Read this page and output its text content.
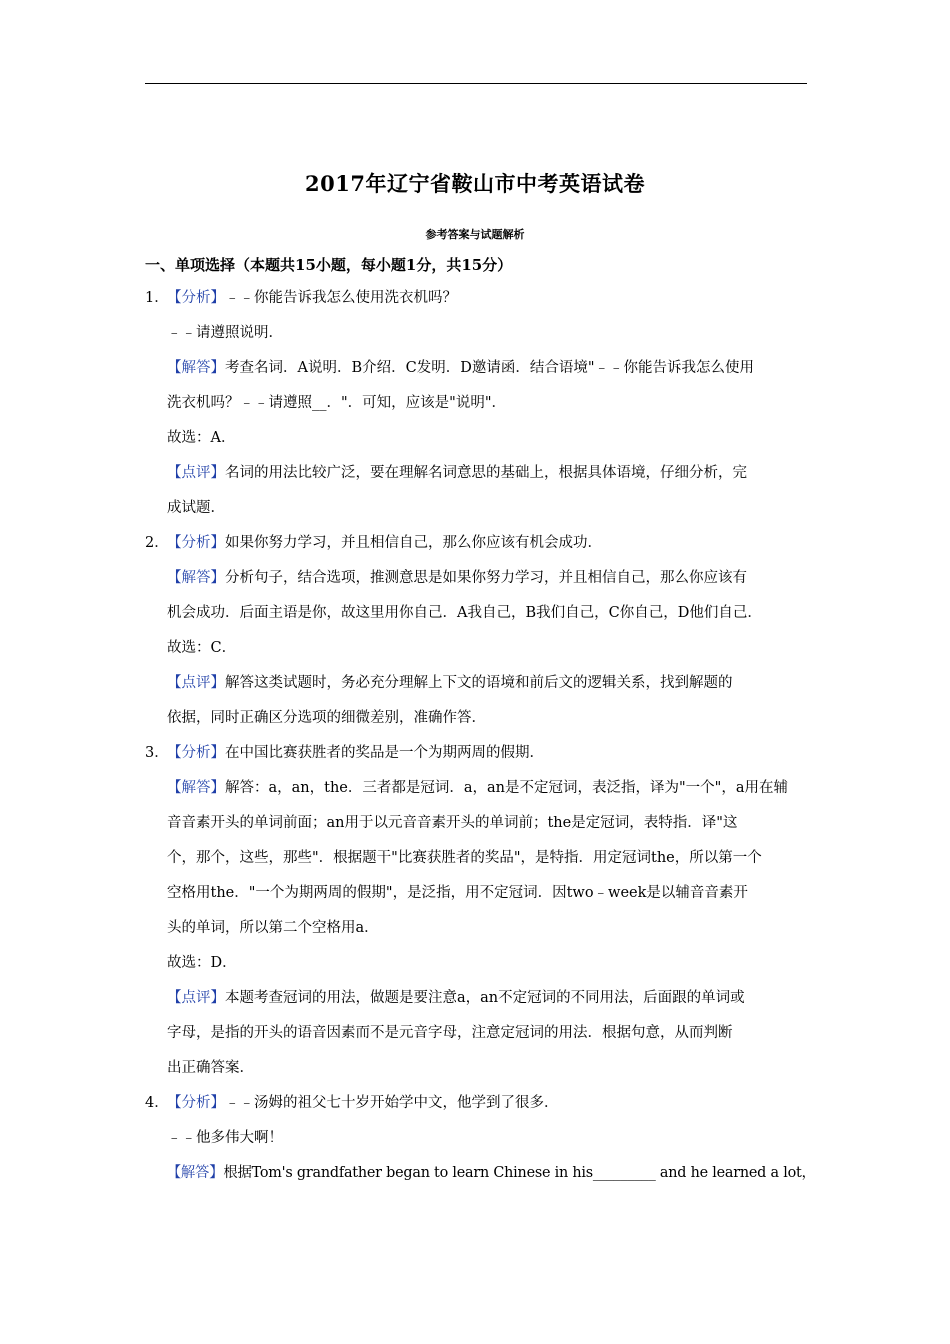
2017年辽宁省鞍山市中考英语试卷
参考答案与试题解析
一、单项选择（本题共15小题，每小题1分，共15分）
1．【分析】﹣﹣你能告诉我怎么使用洗衣机吗？
﹣﹣请遵照说明．
【解答】考查名词．A说明．B介绍．C发明．D邀请函．结合语境"﹣﹣你能告诉我怎么使用
洗衣机吗？﹣﹣请遵照__．"．可知，应该是"说明"．
故选：A．
【点评】名词的用法比较广泛，要在理解名词意思的基础上，根据具体语境，仔细分析，完
成试题．
2．【分析】如果你努力学习，并且相信自己，那么你应该有机会成功．
【解答】分析句子，结合选项，推测意思是如果你努力学习，并且相信自己，那么你应该有
机会成功．后面主语是你，故这里用你自己．A我自己，B我们自己，C你自己，D他们自己．
故选：C．
【点评】解答这类试题时，务必充分理解上下文的语境和前后文的逻辑关系，找到解题的
依据，同时正确区分选项的细微差别，准确作答．
3．【分析】在中国比赛获胜者的奖品是一个为期两周的假期．
【解答】解答：a，an，the．三者都是冠词．a，an是不定冠词，表泛指，译为"一个"，a用在辅
音音素开头的单词前面；an用于以元音音素开头的单词前；the是定冠词，表特指．译"这
个，那个，这些，那些"．根据题干"比赛获胜者的奖品"，是特指．用定冠词the，所以第一个
空格用the．"一个为期两周的假期"，是泛指，用不定冠词．因two﹣week是以辅音音素开
头的单词，所以第二个空格用a．
故选：D．
【点评】本题考查冠词的用法，做题是要注意a，an不定冠词的不同用法，后面跟的单词或
字母，是指的开头的语音因素而不是元音字母，注意定冠词的用法．根据句意，从而判断
出正确答案．
4．【分析】﹣﹣汤姆的祖父七十岁开始学中文，他学到了很多．
﹣﹣他多伟大啊！
【解答】根据Tom's grandfather began to learn Chinese in his_________ and he learned a lot，
